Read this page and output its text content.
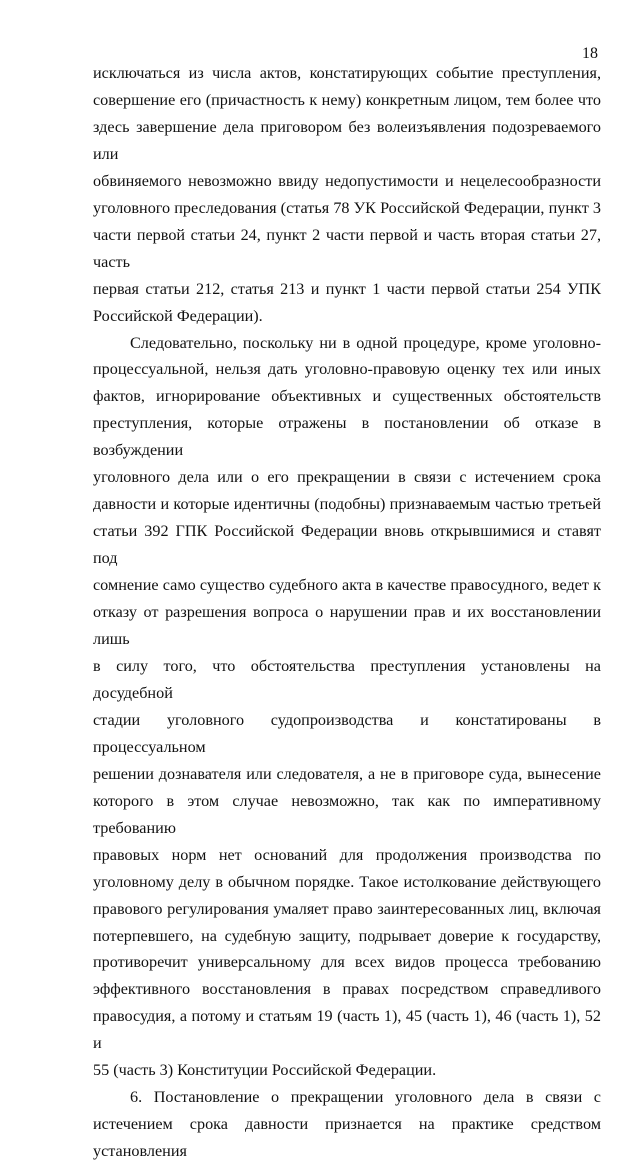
18
исключаться из числа актов, констатирующих событие преступления,
совершение его (причастность к нему) конкретным лицом, тем более что
здесь завершение дела приговором без волеизъявления подозреваемого или
обвиняемого невозможно ввиду недопустимости и нецелесообразности
уголовного преследования (статья 78 УК Российской Федерации, пункт 3
части первой статьи 24, пункт 2 части первой и часть вторая статьи 27, часть
первая статьи 212, статья 213 и пункт 1 части первой статьи 254 УПК
Российской Федерации).
Следовательно, поскольку ни в одной процедуре, кроме уголовно-
процессуальной, нельзя дать уголовно-правовую оценку тех или иных
фактов, игнорирование объективных и существенных обстоятельств
преступления, которые отражены в постановлении об отказе в возбуждении
уголовного дела или о его прекращении в связи с истечением срока
давности и которые идентичны (подобны) признаваемым частью третьей
статьи 392 ГПК Российской Федерации вновь открывшимися и ставят под
сомнение само существо судебного акта в качестве правосудного, ведет к
отказу от разрешения вопроса о нарушении прав и их восстановлении лишь
в силу того, что обстоятельства преступления установлены на досудебной
стадии уголовного судопроизводства и констатированы в процессуальном
решении дознавателя или следователя, а не в приговоре суда, вынесение
которого в этом случае невозможно, так как по императивному требованию
правовых норм нет оснований для продолжения производства по
уголовному делу в обычном порядке. Такое истолкование действующего
правового регулирования умаляет право заинтересованных лиц, включая
потерпевшего, на судебную защиту, подрывает доверие к государству,
противоречит универсальному для всех видов процесса требованию
эффективного восстановления в правах посредством справедливого
правосудия, а потому и статьям 19 (часть 1), 45 (часть 1), 46 (часть 1), 52 и
55 (часть 3) Конституции Российской Федерации.
6. Постановление о прекращении уголовного дела в связи с
истечением срока давности признается на практике средством установления
